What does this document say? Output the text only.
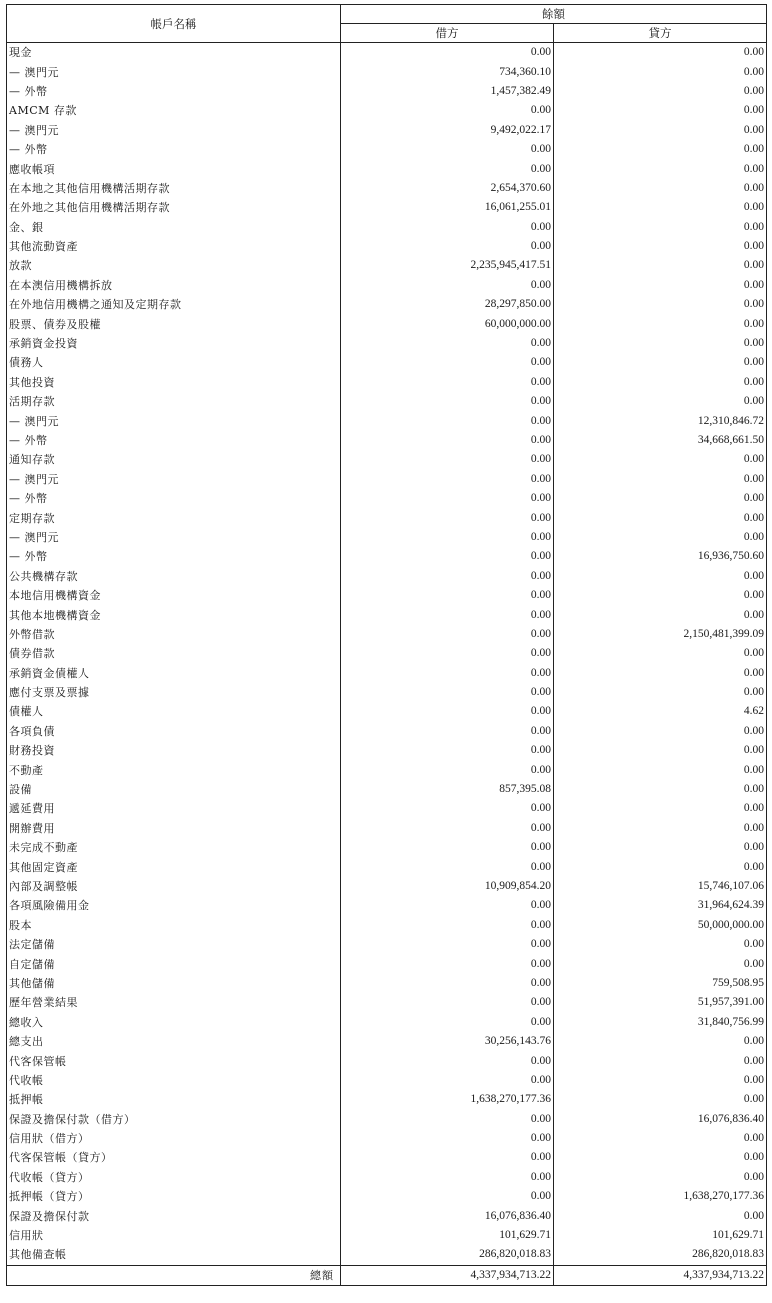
帳戶名稱	餘額	
	借方	貸方
現金	0.00	0.00
— 澳門元	734,360.10	0.00
— 外幣	1,457,382.49	0.00
AMCM 存款	0.00	0.00
— 澳門元	9,492,022.17	0.00
— 外幣	0.00	0.00
應收帳項	0.00	0.00
在本地之其他信用機構活期存款	2,654,370.60	0.00
在外地之其他信用機構活期存款	16,061,255.01	0.00
金、銀	0.00	0.00
其他流動資產	0.00	0.00
放款	2,235,945,417.51	0.00
在本澳信用機構拆放	0.00	0.00
在外地信用機構之通知及定期存款	28,297,850.00	0.00
股票、債券及股權	60,000,000.00	0.00
承銷資金投資	0.00	0.00
債務人	0.00	0.00
其他投資	0.00	0.00
活期存款	0.00	0.00
— 澳門元	0.00	12,310,846.72
— 外幣	0.00	34,668,661.50
通知存款	0.00	0.00
— 澳門元	0.00	0.00
— 外幣	0.00	0.00
定期存款	0.00	0.00
— 澳門元	0.00	0.00
— 外幣	0.00	16,936,750.60
公共機構存款	0.00	0.00
本地信用機構資金	0.00	0.00
其他本地機構資金	0.00	0.00
外幣借款	0.00	2,150,481,399.09
債券借款	0.00	0.00
承銷資金債權人	0.00	0.00
應付支票及票據	0.00	0.00
債權人	0.00	4.62
各項負債	0.00	0.00
財務投資	0.00	0.00
不動產	0.00	0.00
設備	857,395.08	0.00
遞延費用	0.00	0.00
開辦費用	0.00	0.00
未完成不動產	0.00	0.00
其他固定資產	0.00	0.00
內部及調整帳	10,909,854.20	15,746,107.06
各項風險備用金	0.00	31,964,624.39
股本	0.00	50,000,000.00
法定儲備	0.00	0.00
自定儲備	0.00	0.00
其他儲備	0.00	759,508.95
歷年營業結果	0.00	51,957,391.00
總收入	0.00	31,840,756.99
總支出	30,256,143.76	0.00
代客保管帳	0.00	0.00
代收帳	0.00	0.00
抵押帳	1,638,270,177.36	0.00
保證及擔保付款（借方）	0.00	16,076,836.40
信用狀（借方）	0.00	0.00
代客保管帳（貸方）	0.00	0.00
代收帳（貸方）	0.00	0.00
抵押帳（貸方）	0.00	1,638,270,177.36
保證及擔保付款	16,076,836.40	0.00
信用狀	101,629.71	101,629.71
其他備查帳	286,820,018.83	286,820,018.83
總額	4,337,934,713.22	4,337,934,713.22
